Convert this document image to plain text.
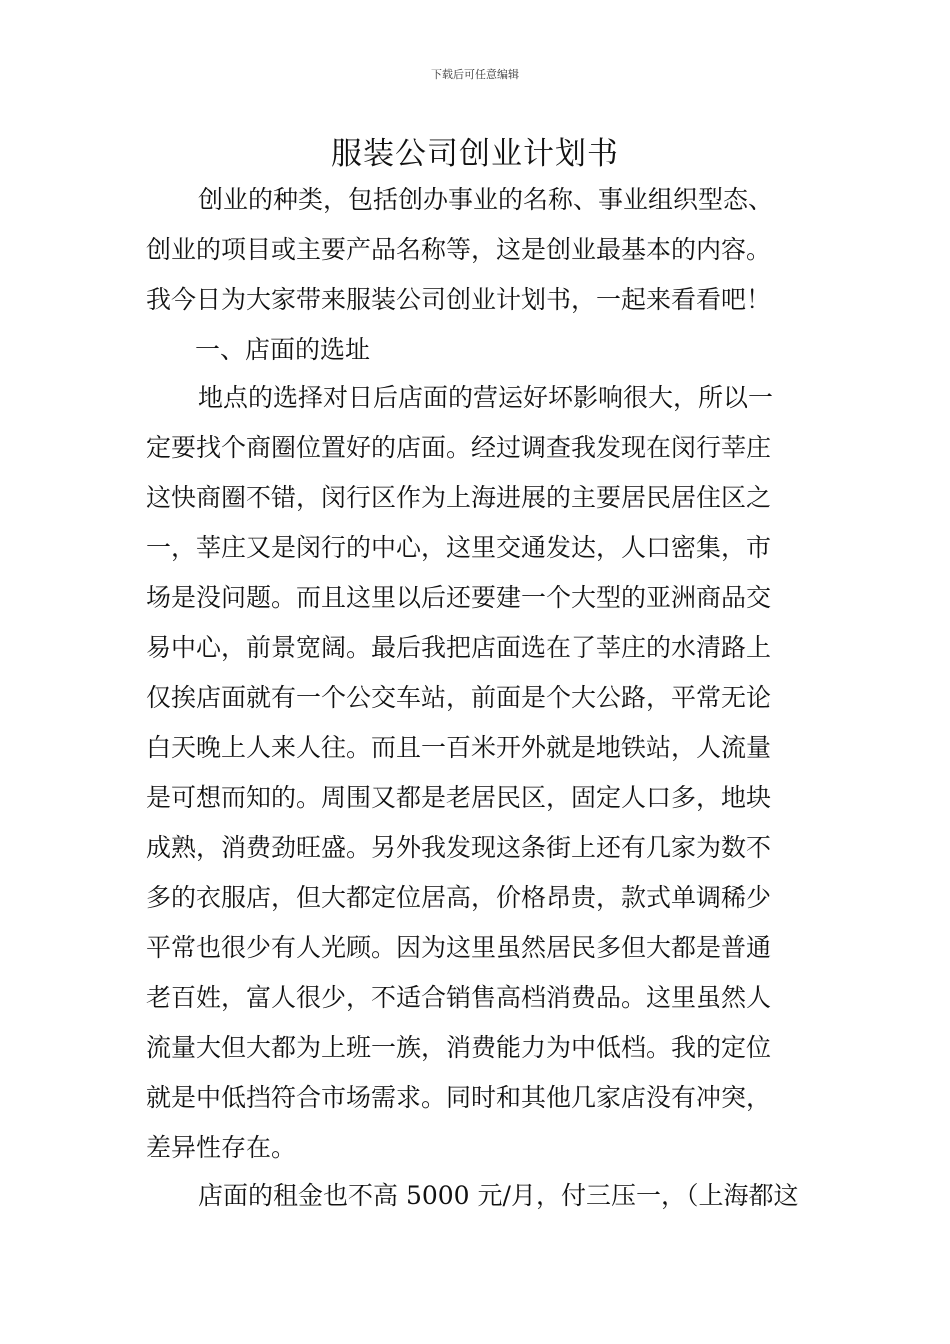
下载后可任意编辑
服装公司创业计划书
创业的种类，包括创办事业的名称、事业组织型态、
创业的项目或主要产品名称等，这是创业最基本的内容。
我今日为大家带来服装公司创业计划书，一起来看看吧！
一、店面的选址
地点的选择对日后店面的营运好坏影响很大，所以一
定要找个商圈位置好的店面。经过调查我发现在闵行莘庄
这快商圈不错，闵行区作为上海进展的主要居民居住区之
一，莘庄又是闵行的中心，这里交通发达，人口密集，市
场是没问题。而且这里以后还要建一个大型的亚洲商品交
易中心，前景宽阔。最后我把店面选在了莘庄的水清路上
仅挨店面就有一个公交车站，前面是个大公路，平常无论
白天晚上人来人往。而且一百米开外就是地铁站，人流量
是可想而知的。周围又都是老居民区，固定人口多，地块
成熟，消费劲旺盛。另外我发现这条街上还有几家为数不
多的衣服店，但大都定位居高，价格昂贵，款式单调稀少
平常也很少有人光顾。因为这里虽然居民多但大都是普通
老百姓，富人很少，不适合销售高档消费品。这里虽然人
流量大但大都为上班一族，消费能力为中低档。我的定位
就是中低挡符合市场需求。同时和其他几家店没有冲突，
差异性存在。
店面的租金也不高 5000 元/月，付三压一，（上海都这
